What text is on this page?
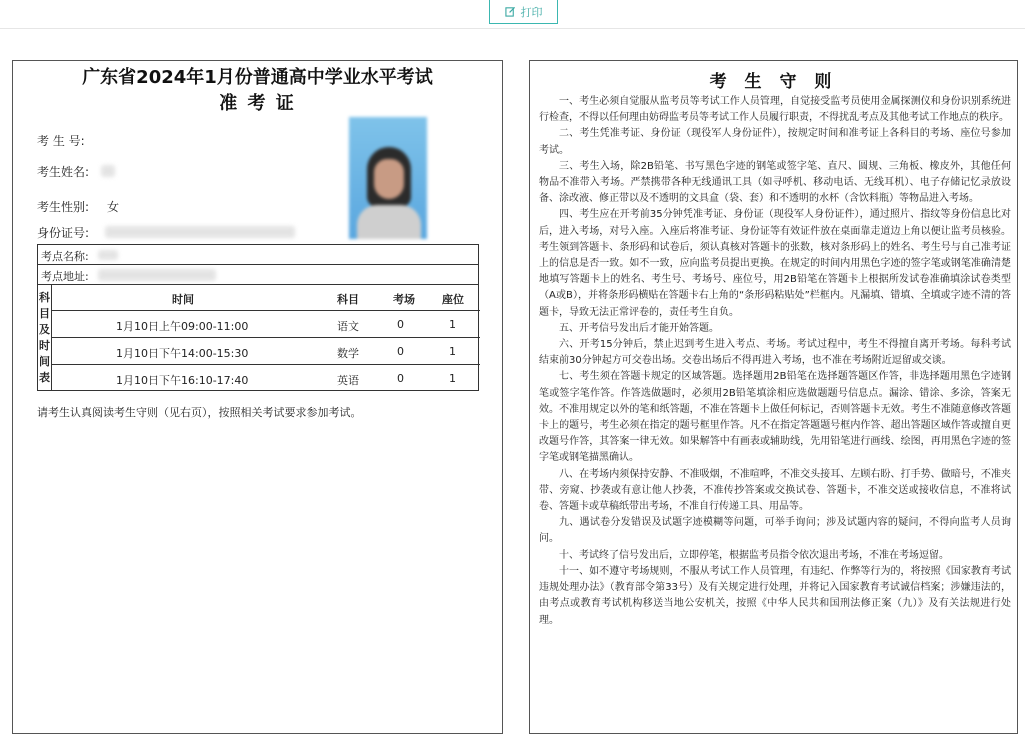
打印
广东省2024年1月份普通高中学业水平考试
准 考 证
考 生 号:
考生姓名:
考生性别: 女
身份证号:
考点名称:
考点地址:
科
目
及
时
间
表
时间	科目	考场 座位
1月10日上午09:00-11:00	语文	0	1
1月10日下午14:00-15:30	数学	0	1
1月10日下午16:10-17:40	英语	0	1
请考生认真阅读考生守则（见右页），按照相关考试要求参加考试。
考 生 守 则

一、考生必须自觉服从监考员等考试工作人员管理，自觉接受监考员使用金属探测仪和身份识别系统进行检查，不得以任何理由妨碍监考员等考试工作人员履行职责，不得扰乱考点及其他考试工作地点的秩序。

二、考生凭准考证、身份证（现役军人身份证件），按规定时间和准考证上各科目的考场、座位号参加考试。

三、考生入场，除2B铅笔、书写黑色字迹的钢笔或签字笔、直尺、圆规、三角板、橡皮外，其他任何物品不准带入考场。严禁携带各种无线通讯工具（如寻呼机、移动电话、无线耳机）、电子存储记忆录放设备、涂改液、修正带以及不透明的文具盒（袋、套）和不透明的水杯（含饮料瓶）等物品进入考场。

四、考生应在开考前35分钟凭准考证、身份证（现役军人身份证件），通过照片、指纹等身份信息比对后，进入考场，对号入座。入座后将准考证、身份证等有效证件放在桌面靠走道边上角以便让监考员核验。考生领到答题卡、条形码和试卷后，须认真核对答题卡的张数，核对条形码上的姓名、考生号与自己准考证上的信息是否一致。如不一致，应向监考员提出更换。在规定的时间内用黑色字迹的签字笔或钢笔准确清楚地填写答题卡上的姓名、考生号、考场号、座位号，用2B铅笔在答题卡上根据所发试卷准确填涂试卷类型（A或B），并将条形码横贴在答题卡右上角的“条形码粘贴处”栏框内。凡漏填、错填、全填或字迹不清的答题卡，导致无法正常评卷的，责任考生自负。

五、开考信号发出后才能开始答题。

六、开考15分钟后，禁止迟到考生进入考点、考场。考试过程中，考生不得擅自离开考场。每科考试结束前30分钟起方可交卷出场。交卷出场后不得再进入考场，也不准在考场附近逗留或交谈。

七、考生须在答题卡规定的区域答题。选择题用2B铅笔在选择题答题区作答，非选择题用黑色字迹钢笔或签字笔作答。作答选做题时，必须用2B铅笔填涂相应选做题题号信息点。漏涂、错涂、多涂，答案无效。不准用规定以外的笔和纸答题，不准在答题卡上做任何标记，否则答题卡无效。考生不准随意修改答题卡上的题号，考生必须在指定的题号框里作答。凡不在指定答题题号框内作答、超出答题区域作答或擅自更改题号作答，其答案一律无效。如果解答中有画表或辅助线，先用铅笔进行画线、绘图，再用黑色字迹的签字笔或钢笔描黑确认。

八、在考场内须保持安静、不准吸烟，不准喧哗，不准交头接耳、左顾右盼、打手势、做暗号，不准夹带、旁窥、抄袭或有意让他人抄袭，不准传抄答案或交换试卷、答题卡，不准交送或接收信息，不准将试卷、答题卡或草稿纸带出考场，不准自行传递工具、用品等。

九、遇试卷分发错误及试题字迹模糊等问题，可举手询问；涉及试题内容的疑问，不得向监考人员询问。

十、考试终了信号发出后，立即停笔，根据监考员指令依次退出考场，不准在考场逗留。

十一、如不遵守考场规则，不服从考试工作人员管理，有违纪、作弊等行为的，将按照《国家教育考试违规处理办法》（教育部令第33号）及有关规定进行处理，并将记入国家教育考试诚信档案；涉嫌违法的，由考点或教育考试机构移送当地公安机关，按照《中华人民共和国刑法修正案（九）》及有关法规进行处理。
